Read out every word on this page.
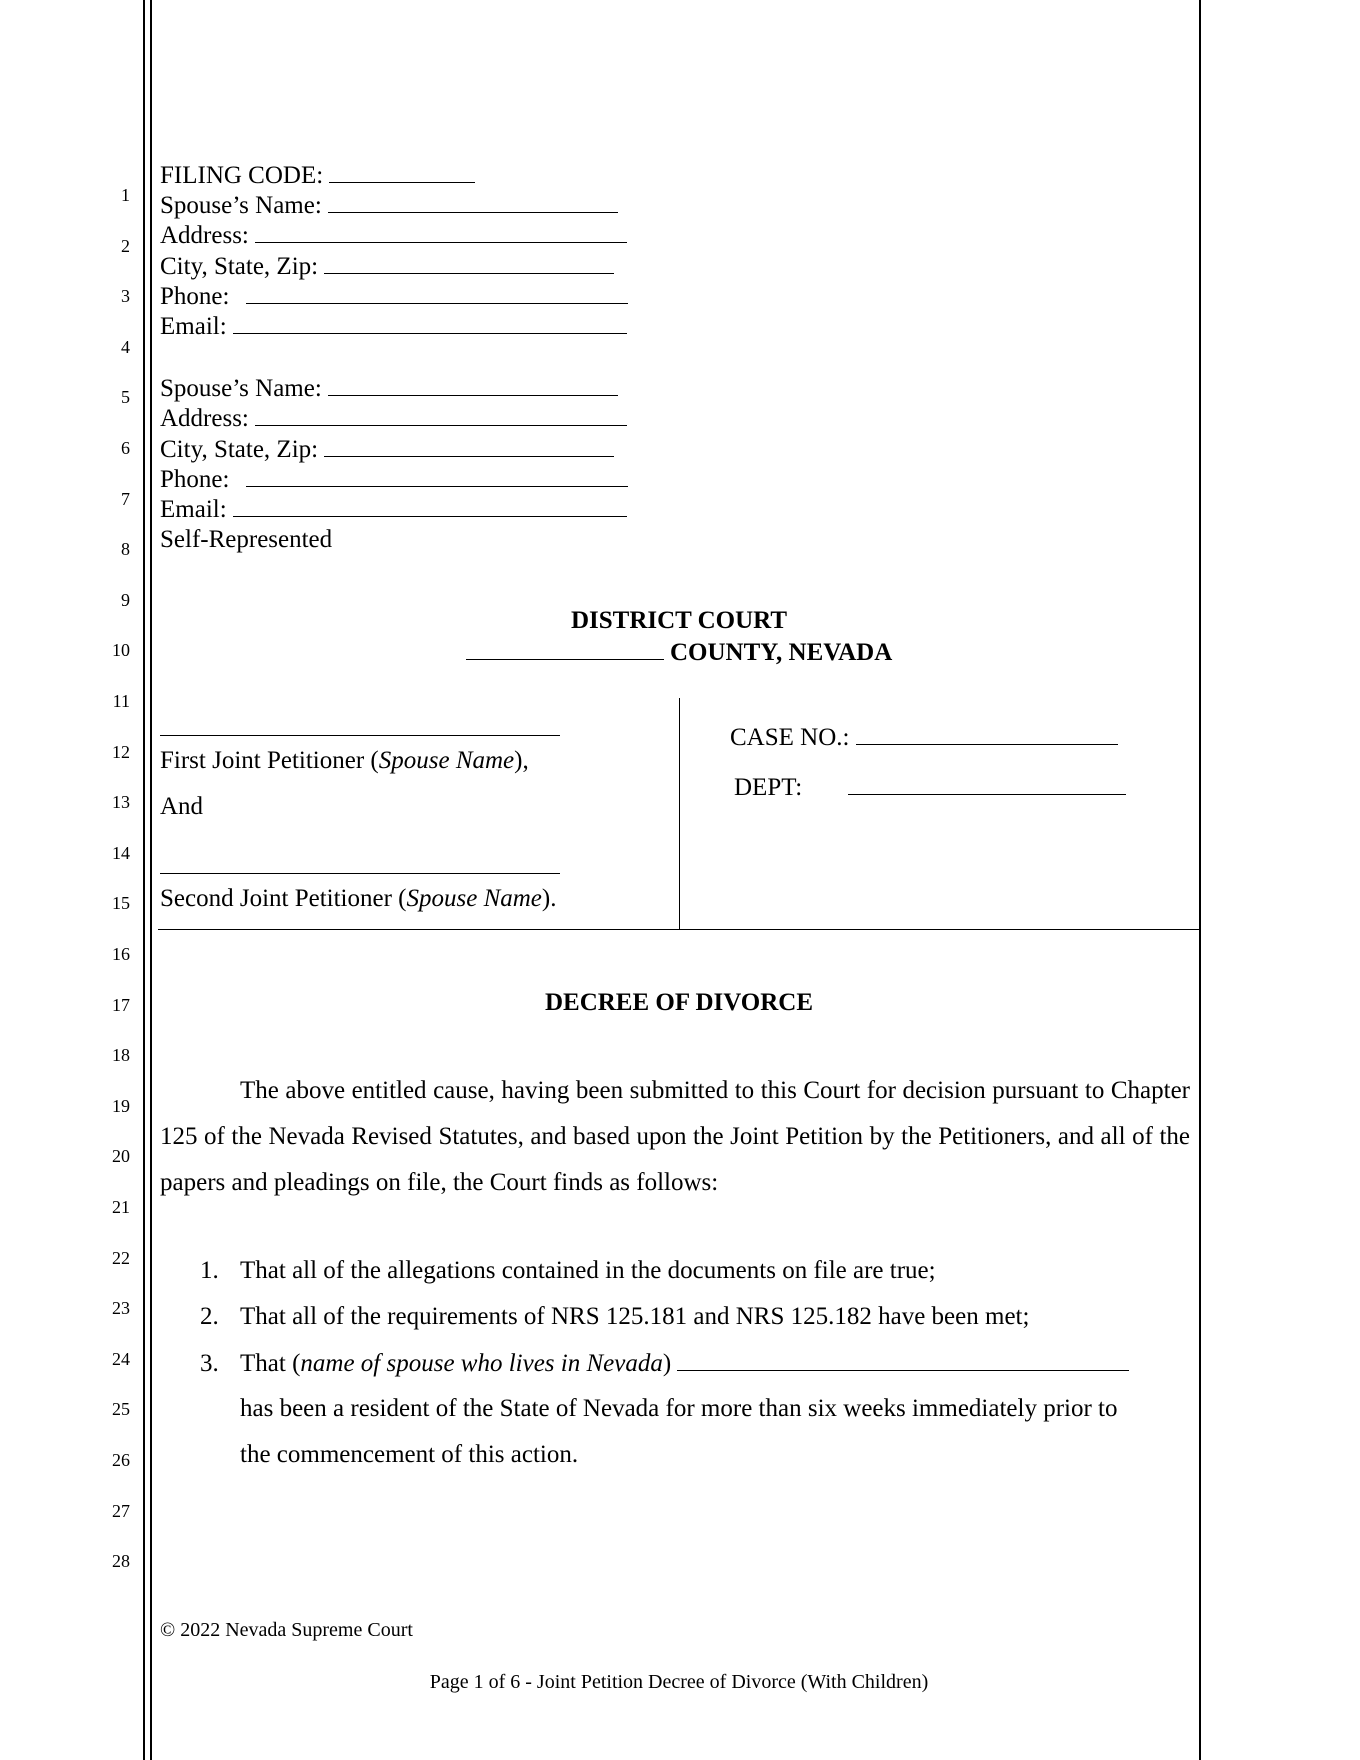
1
2
3
4
5
6
7
8
9
10
11
12
13
14
15
16
17
18
19
20
21
22
23
24
25
26
27
28
FILING CODE:
Spouse’s Name:
Address:
City, State, Zip:
Phone:
Email:
Spouse’s Name:
Address:
City, State, Zip:
Phone:
Email:
Self-Represented
DISTRICT COURT
COUNTY, NEVADA
First Joint Petitioner (Spouse Name),
And
Second Joint Petitioner (Spouse Name).
CASE NO.:
DEPT:
DECREE OF DIVORCE
The above entitled cause, having been submitted to this Court for decision pursuant to Chapter 125 of the Nevada Revised Statutes, and based upon the Joint Petition by the Petitioners, and all of the papers and pleadings on file, the Court finds as follows:
1. That all of the allegations contained in the documents on file are true;
2. That all of the requirements of NRS 125.181 and NRS 125.182 have been met;
3. That (name of spouse who lives in Nevada)
has been a resident of the State of Nevada for more than six weeks immediately prior to
the commencement of this action.
© 2022 Nevada Supreme Court
Page 1 of 6 - Joint Petition Decree of Divorce (With Children)
